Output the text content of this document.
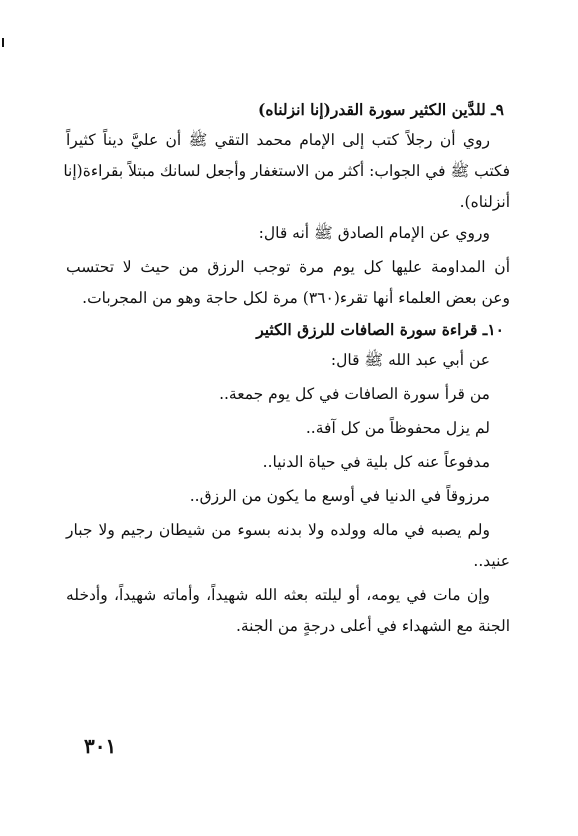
٩ـ للدَّين الكثير سورة القدر(إنا انزلناه)
روي أن رجلاً كتب إلى الإمام محمد التقي ﷺ أن عليَّ ديناً كثيراً
فكتب ﷺ في الجواب: أكثر من الاستغفار وأجعل لسانك مبتلاً بقراءة(إنا
أنزلناه).
وروي عن الإمام الصادق ﷺ أنه قال:
أن المداومة عليها كل يوم مرة توجب الرزق من حيث لا تحتسب
وعن بعض العلماء أنها تقرء(٣٦٠) مرة لكل حاجة وهو من المجربات.
١٠ـ قراءة سورة الصافات للرزق الكثير
عن أبي عبد الله ﷺ قال:
من قرأ سورة الصافات في كل يوم جمعة..
لم يزل محفوظاً من كل آفة..
مدفوعاً عنه كل بلية في حياة الدنيا..
مرزوقاً في الدنيا في أوسع ما يكون من الرزق..
ولم يصبه في ماله وولده ولا بدنه بسوء من شيطان رجيم ولا جبار
عنيد..
وإن مات في يومه، أو ليلته بعثه الله شهيداً، وأماته شهيداً، وأدخله
الجنة مع الشهداء في أعلى درجةٍ من الجنة.
٣٠١
